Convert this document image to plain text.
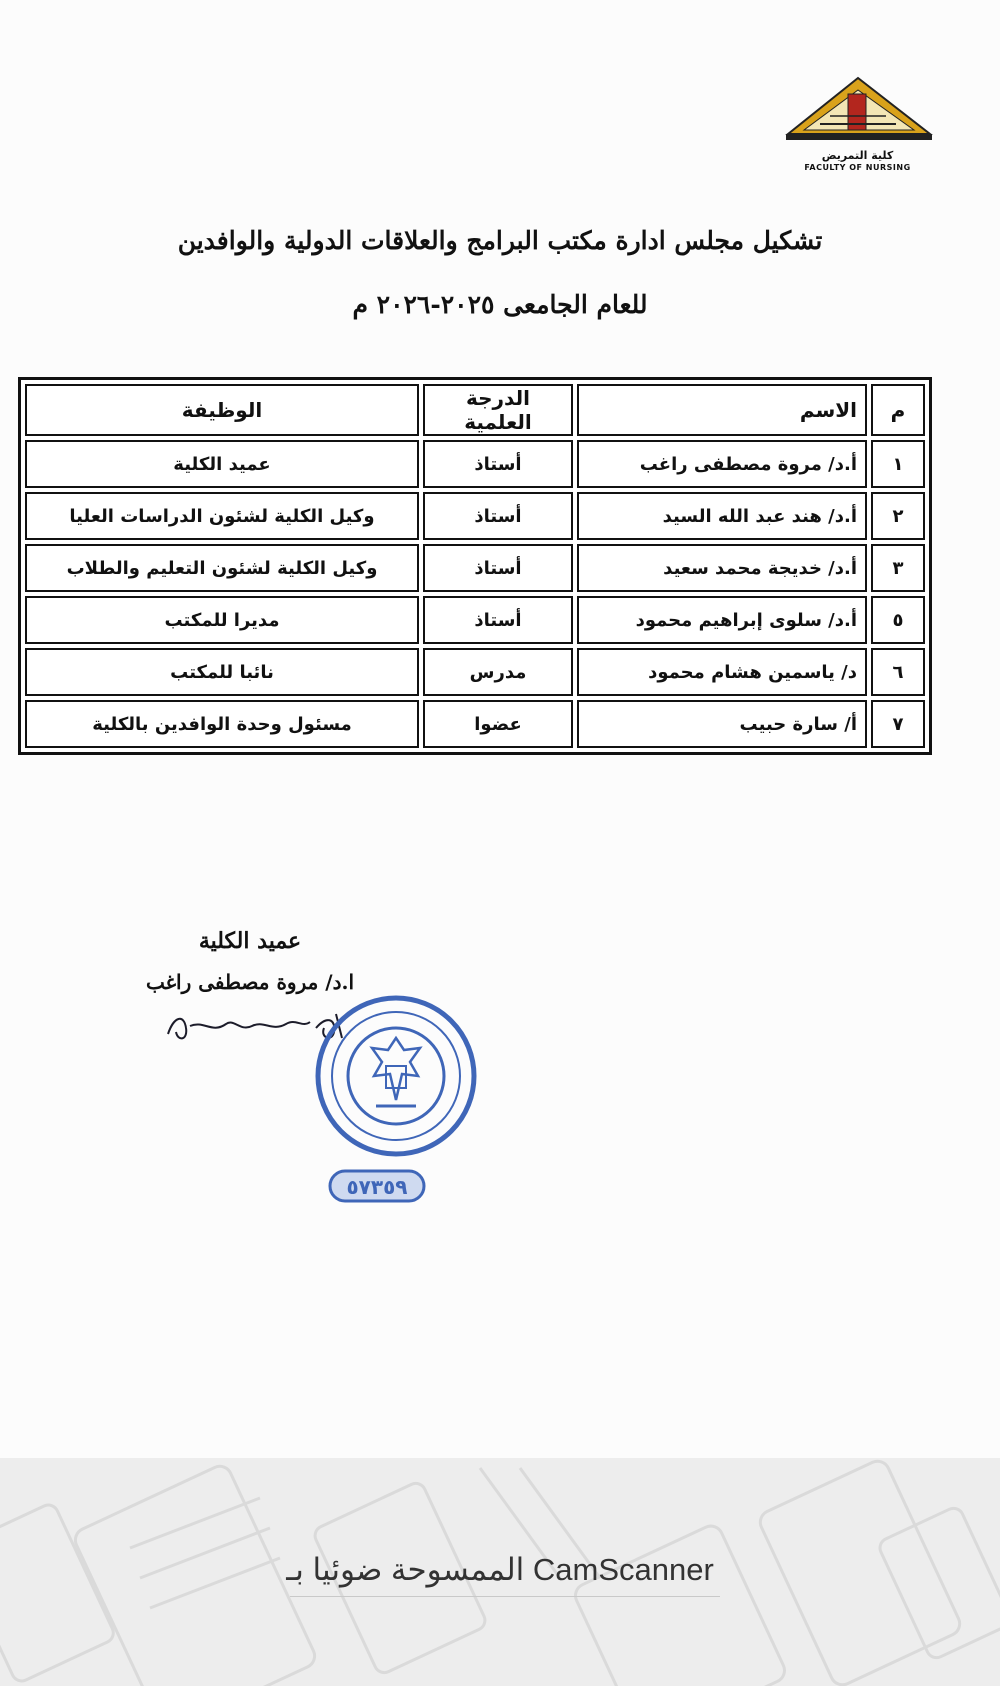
كلية التمريض
FACULTY OF NURSING
تشكيل مجلس ادارة مكتب البرامج والعلاقات الدولية والوافدين
للعام الجامعى ٢٠٢٥-٢٠٢٦ م
م	الاسم	الدرجة العلمية	الوظيفة
١	أ.د/ مروة مصطفى راغب	أستاذ	عميد الكلية
٢	أ.د/ هند عبد الله السيد	أستاذ	وكيل الكلية لشئون الدراسات العليا
٣	أ.د/ خديجة محمد سعيد	أستاذ	وكيل الكلية لشئون التعليم والطلاب
٥	أ.د/ سلوى إبراهيم محمود	أستاذ	مديرا للمكتب
٦	د/ ياسمين هشام محمود	مدرس	نائبا للمكتب
٧	أ/ سارة حبيب	عضوا	مسئول وحدة الوافدين بالكلية
عميد الكلية
ا.د/ مروة مصطفى راغب
٥٧٣٥٩
الممسوحة ضوئيا بـ CamScanner
